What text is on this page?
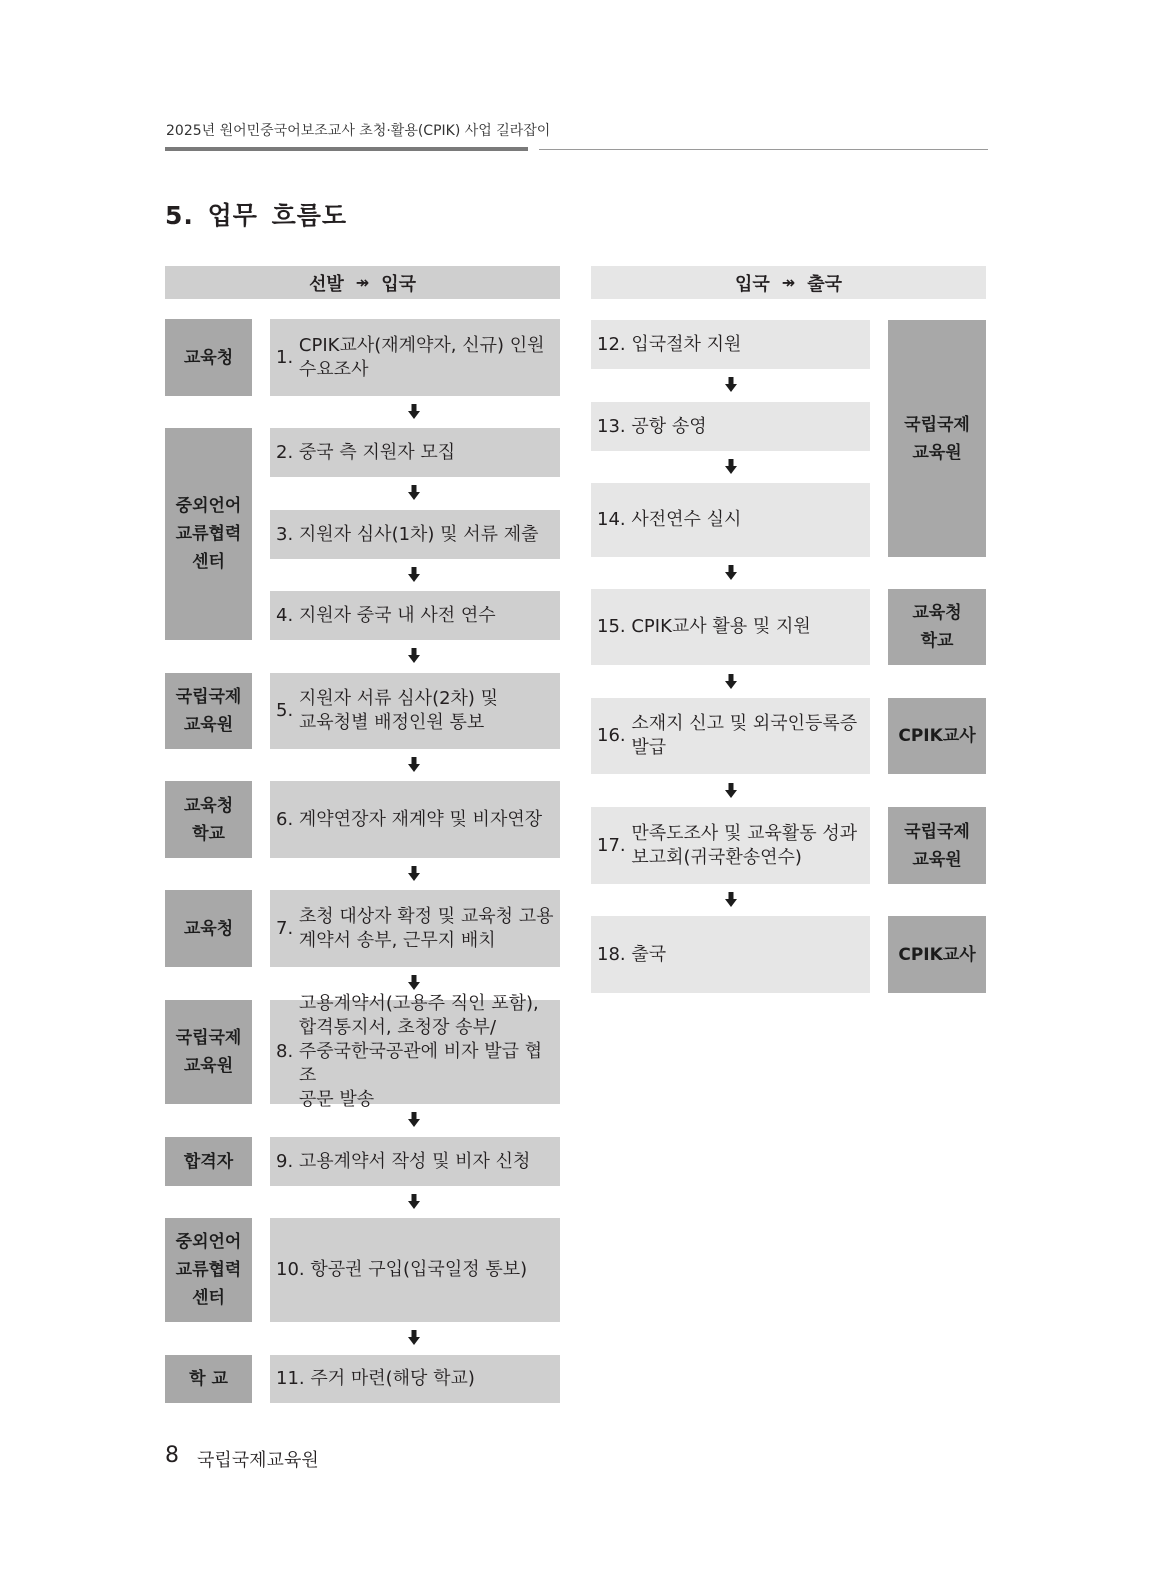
2025년 원어민중국어보조교사 초청·활용(CPIK) 사업 길라잡이
5. 업무 흐름도
선발 ↠ 입국	입국 ↠ 출국
교육청
중외언어
교류협력
센터
국립국제
교육원
교육청
학교
교육청
국립국제
교육원
합격자
중외언어
교류협력
센터
학 교
1.
CPIK교사(재계약자, 신규) 인원
수요조사
2. 중국 측 지원자 모집
3. 지원자 심사(1차) 및 서류 제출
4. 지원자 중국 내 사전 연수
5.
지원자 서류 심사(2차) 및
교육청별 배정인원 통보
6. 계약연장자 재계약 및 비자연장
7.
초청 대상자 확정 및 교육청 고용
계약서 송부, 근무지 배치
8.
고용계약서(고용주 직인 포함),
합격통지서, 초청장 송부/
주중국한국공관에 비자 발급 협조
공문 발송
9. 고용계약서 작성 및 비자 신청
10. 항공권 구입(입국일정 통보)
11. 주거 마련(해당 학교)
12. 입국절차 지원
13. 공항 송영
14. 사전연수 실시
15. CPIK교사 활용 및 지원
16.
소재지 신고 및 외국인등록증
발급
17.
만족도조사 및 교육활동 성과
보고회(귀국환송연수)
18. 출국
국립국제
교육원
교육청
학교
CPIK교사
국립국제
교육원
CPIK교사
8 국립국제교육원
